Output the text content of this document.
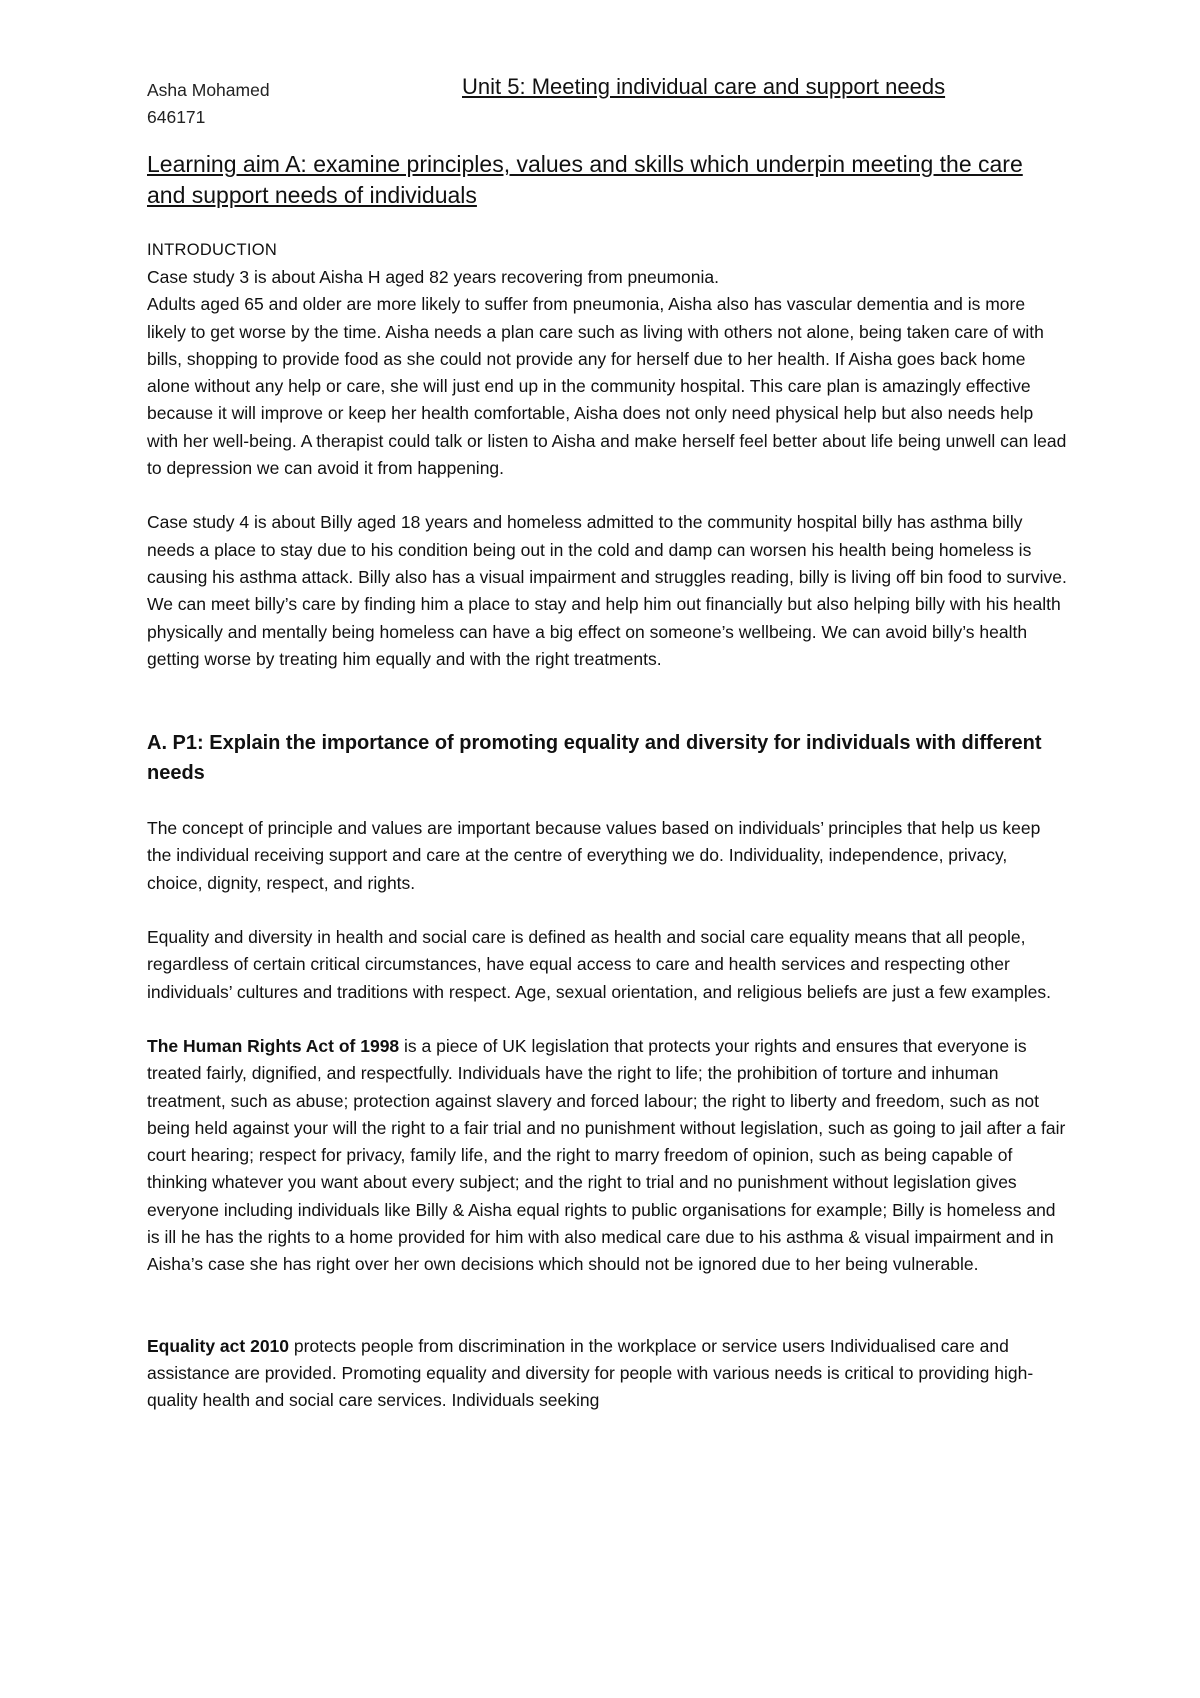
Asha Mohamed
646171
Unit 5: Meeting individual care and support needs
Learning aim A: examine principles, values and skills which underpin meeting the care and support needs of individuals
INTRODUCTION

Case study 3 is about Aisha H aged 82 years recovering from pneumonia.

Adults aged 65 and older are more likely to suffer from pneumonia, Aisha also has vascular dementia and is more likely to get worse by the time. Aisha needs a plan care such as living with others not alone, being taken care of with bills, shopping to provide food as she could not provide any for herself due to her health. If Aisha goes back home alone without any help or care, she will just end up in the community hospital. This care plan is amazingly effective because it will improve or keep her health comfortable, Aisha does not only need physical help but also needs help with her well-being. A therapist could talk or listen to Aisha and make herself feel better about life being unwell can lead to depression we can avoid it from happening.

Case study 4 is about Billy aged 18 years and homeless admitted to the community hospital billy has asthma billy needs a place to stay due to his condition being out in the cold and damp can worsen his health being homeless is causing his asthma attack. Billy also has a visual impairment and struggles reading, billy is living off bin food to survive. We can meet billy’s care by finding him a place to stay and help him out financially but also helping billy with his health physically and mentally being homeless can have a big effect on someone’s wellbeing. We can avoid billy’s health getting worse by treating him equally and with the right treatments.

A. P1: Explain the importance of promoting equality and diversity for individuals with different needs

The concept of principle and values are important because values based on individuals’ principles that help us keep the individual receiving support and care at the centre of everything we do. Individuality, independence, privacy, choice, dignity, respect, and rights.

Equality and diversity in health and social care is defined as health and social care equality means that all people, regardless of certain critical circumstances, have equal access to care and health services and respecting other individuals’ cultures and traditions with respect. Age, sexual orientation, and religious beliefs are just a few examples.

The Human Rights Act of 1998 is a piece of UK legislation that protects your rights and ensures that everyone is treated fairly, dignified, and respectfully. Individuals have the right to life; the prohibition of torture and inhuman treatment, such as abuse; protection against slavery and forced labour; the right to liberty and freedom, such as not being held against your will the right to a fair trial and no punishment without legislation, such as going to jail after a fair court hearing; respect for privacy, family life, and the right to marry freedom of opinion, such as being capable of thinking whatever you want about every subject; and the right to trial and no punishment without legislation gives everyone including individuals like Billy & Aisha equal rights to public organisations for example; Billy is homeless and is ill he has the rights to a home provided for him with also medical care due to his asthma & visual impairment and in Aisha’s case she has right over her own decisions which should not be ignored due to her being vulnerable.

Equality act 2010 protects people from discrimination in the workplace or service users Individualised care and assistance are provided. Promoting equality and diversity for people with various needs is critical to providing high-quality health and social care services. Individuals seeking
